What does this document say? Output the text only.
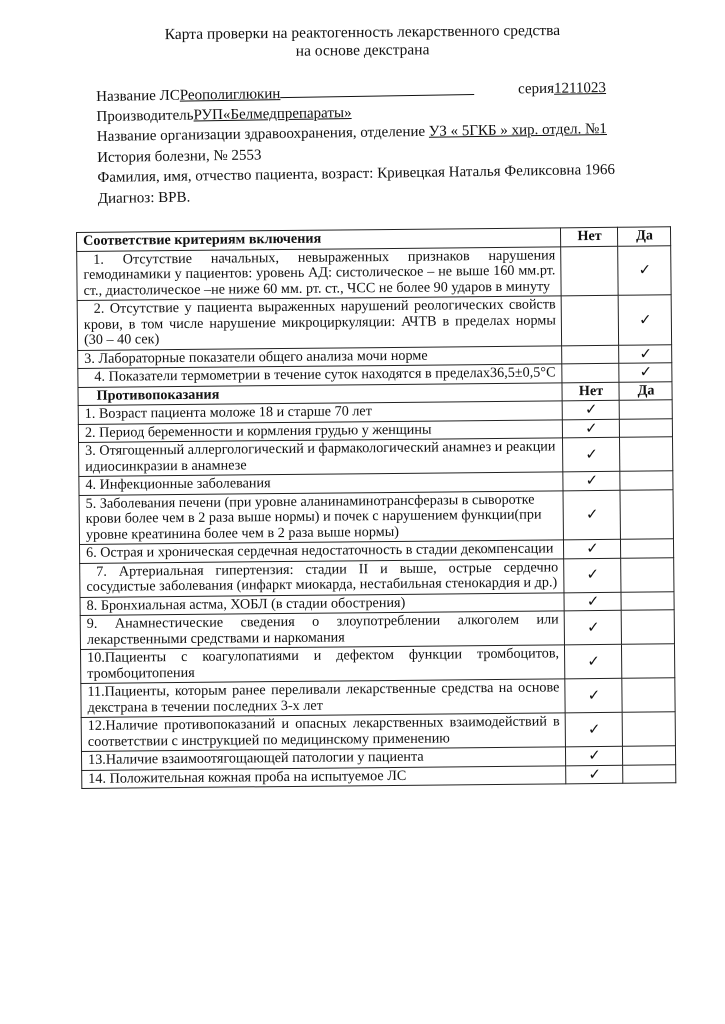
Карта проверки на реактогенность лекарственного средства
на основе декстрана
Название ЛСРеополиглюкин	серия1211023
ПроизводительРУП«Белмедпрепараты»
Название организации здравоохранения, отделение УЗ « 5ГКБ » хир. отдел. №1
История болезни, № 2553
Фамилия, имя, отчество пациента, возраст: Кривецкая Наталья Феликсовна 1966
Диагноз: ВРВ.
Соответствие критериям включения	Нет	Да
1. Отсутствие начальных, невыраженных признаков нарушения гемодинамики у пациентов: уровень АД: систолическое – не выше 160 мм.рт. ст., диастолическое –не ниже 60 мм. рт. ст., ЧСС не более 90 ударов в минуту		✓
2. Отсутствие у пациента выраженных нарушений реологических свойств крови, в том числе нарушение микроциркуляции: АЧТВ в пределах нормы (30 – 40 сек)		✓
3. Лабораторные показатели общего анализа мочи норме		✓
4. Показатели термометрии в течение суток находятся в пределах36,5±0,5°С		✓
Противопоказания	Нет	Да
1. Возраст пациента моложе 18 и старше 70 лет	✓	
2. Период беременности и кормления грудью у женщины	✓	
3. Отягощенный аллергологический и фармакологический анамнез и реакции идиосинкразии в анамнезе	✓	
4. Инфекционные заболевания	✓	
5. Заболевания печени (при уровне аланинаминотрансферазы в сыворотке крови более чем в 2 раза выше нормы) и почек с нарушением функции(при уровне креатинина более чем в 2 раза выше нормы)	✓	
6. Острая и хроническая сердечная недостаточность в стадии декомпенсации	✓	
7. Артериальная гипертензия: стадии II и выше, острые сердечно сосудистые заболевания (инфаркт миокарда, нестабильная стенокардия и др.)	✓	
8. Бронхиальная астма, ХОБЛ (в стадии обострения)	✓	
9. Анамнестические сведения о злоупотреблении алкоголем или лекарственными средствами и наркомания	✓	
10.Пациенты с коагулопатиями и дефектом функции тромбоцитов, тромбоцитопения	✓	
11.Пациенты, которым ранее переливали лекарственные средства на основе декстрана в течении последних 3-х лет	✓	
12.Наличие противопоказаний и опасных лекарственных взаимодействий в соответствии с инструкцией по медицинскому применению	✓	
13.Наличие взаимоотягощающей патологии у пациента	✓	
14. Положительная кожная проба на испытуемое ЛС	✓	
